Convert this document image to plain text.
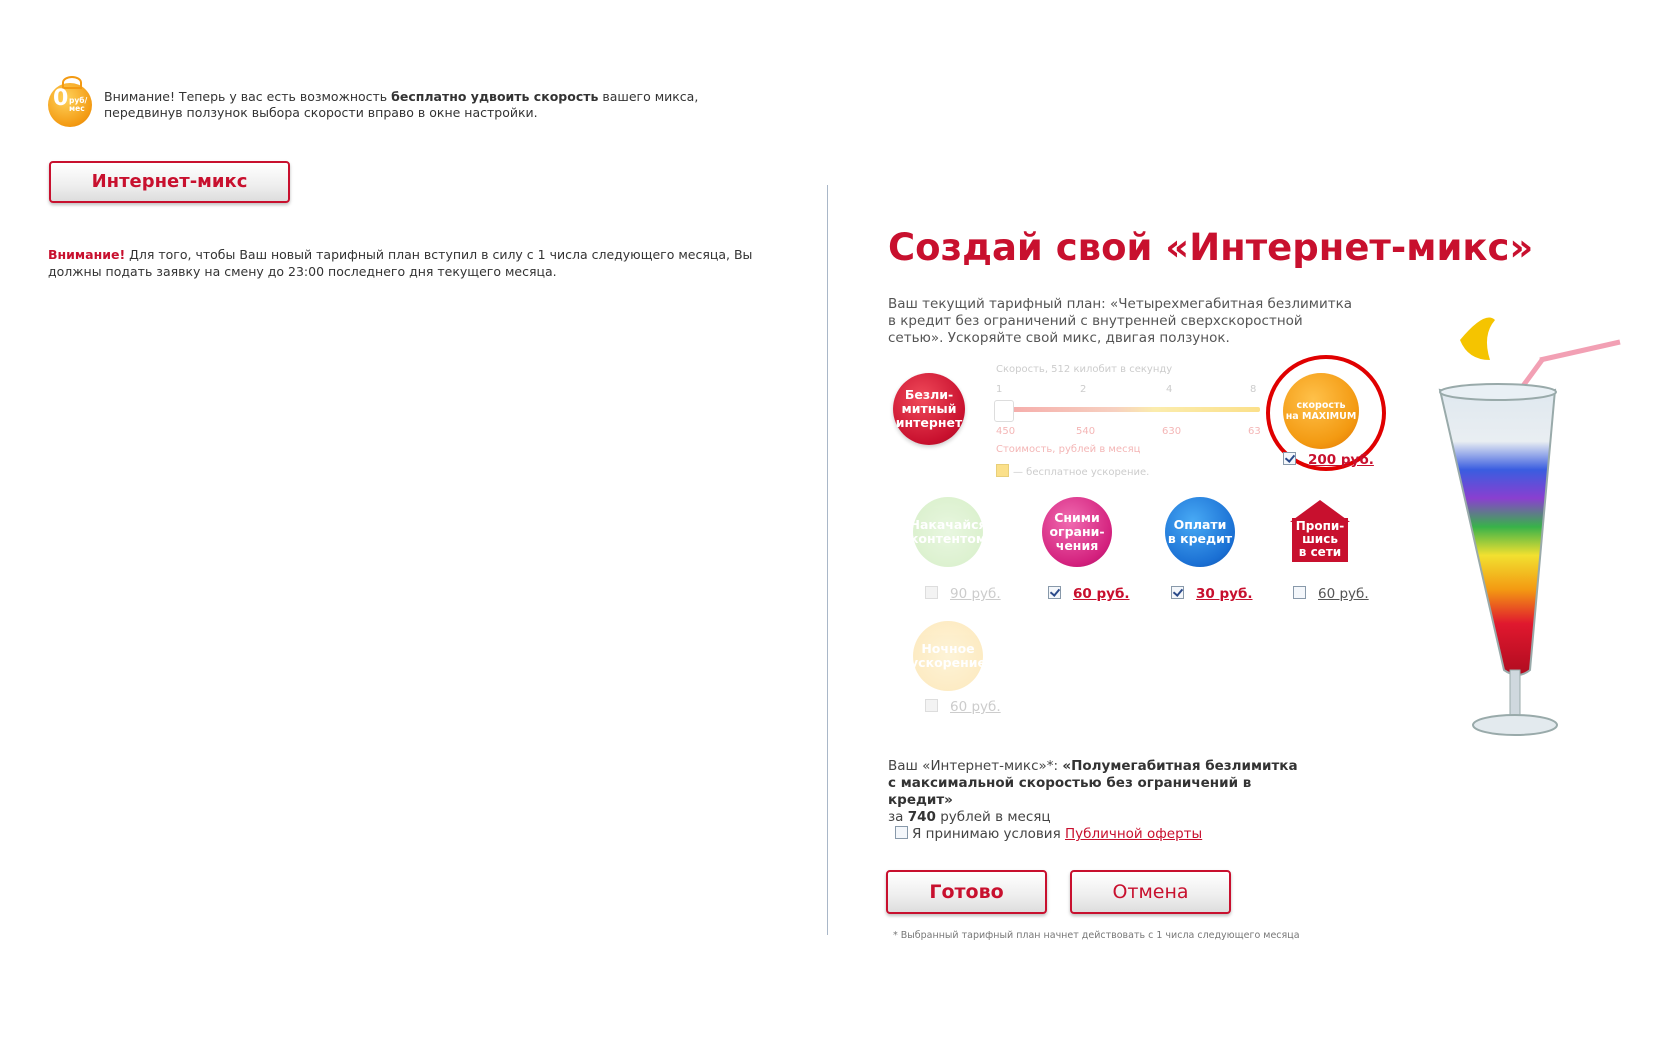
0 руб/мес
Внимание! Теперь у вас есть возможность бесплатно удвоить скорость вашего микса, передвинув ползунок выбора скорости вправо в окне настройки.
Интернет-микс
Внимание! Для того, чтобы Ваш новый тарифный план вступил в силу с 1 числа следующего месяца, Вы должны подать заявку на смену до 23:00 последнего дня текущего месяца.
Создай свой «Интернет-микс»
Ваш текущий тарифный план: «Четырехмегабитная безлимитка в кредит без ограничений с внутренней сверхскоростной сетью». Ускоряйте свой микс, двигая ползунок.
Безли-
митный
интернет
Скорость, 512 килобит в секунду
1	2	4	8
450	540	630	63
Стоимость, рублей в месяц
— бесплатное ускорение.
скорость
на MAXIMUM
200 руб.
Накачайся
контентом
Сними
ограни-
чения
Оплати
в кредит
Пропи-
шись
в сети
90 руб.	60 руб.	30 руб.	60 руб.
Ночное
ускорение
60 руб.
Ваш «Интернет-микс»*: «Полумегабитная безлимитка с максимальной скоростью без ограничений в кредит»
за 740 рублей в месяц
Я принимаю условия Публичной оферты
Готово	Отмена
* Выбранный тарифный план начнет действовать с 1 числа следующего месяца
